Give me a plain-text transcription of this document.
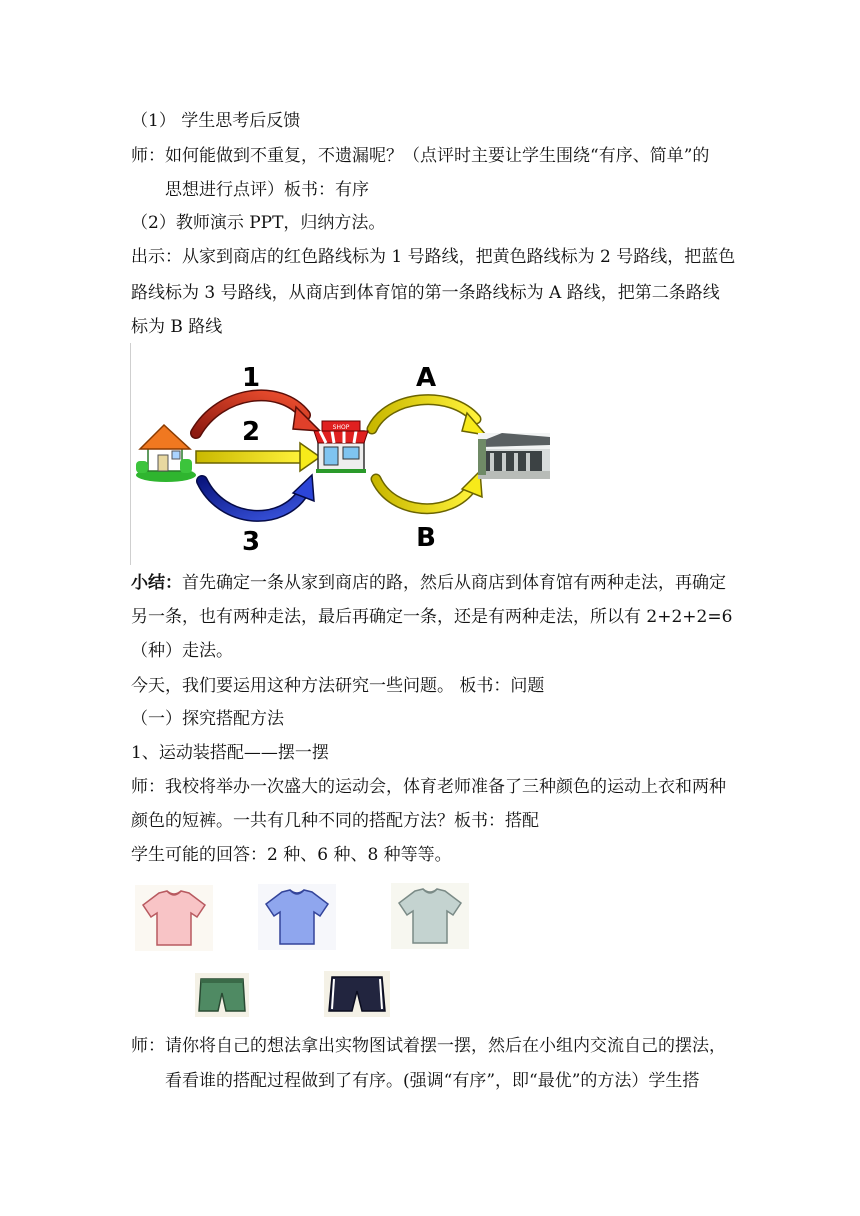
（1） 学生思考后反馈
师：如何能做到不重复，不遗漏呢？（点评时主要让学生围绕“有序、简单”的
思想进行点评）板书：有序
（2）教师演示 PPT，归纳方法。
出示：从家到商店的红色路线标为 1 号路线，把黄色路线标为 2 号路线，把蓝色
路线标为 3 号路线，从商店到体育馆的第一条路线标为 A 路线，把第二条路线
标为 B 路线
1
2
3
A
B
SHOP
小结：首先确定一条从家到商店的路，然后从商店到体育馆有两种走法，再确定
另一条，也有两种走法，最后再确定一条，还是有两种走法，所以有 2+2+2=6
（种）走法。
今天，我们要运用这种方法研究一些问题。 板书：问题
（一）探究搭配方法
1、运动装搭配——摆一摆
师：我校将举办一次盛大的运动会，体育老师准备了三种颜色的运动上衣和两种
颜色的短裤。一共有几种不同的搭配方法？板书：搭配
学生可能的回答：2 种、6 种、8 种等等。
师：请你将自己的想法拿出实物图试着摆一摆，然后在小组内交流自己的摆法，
看看谁的搭配过程做到了有序。(强调“有序”，即“最优”的方法）学生搭
